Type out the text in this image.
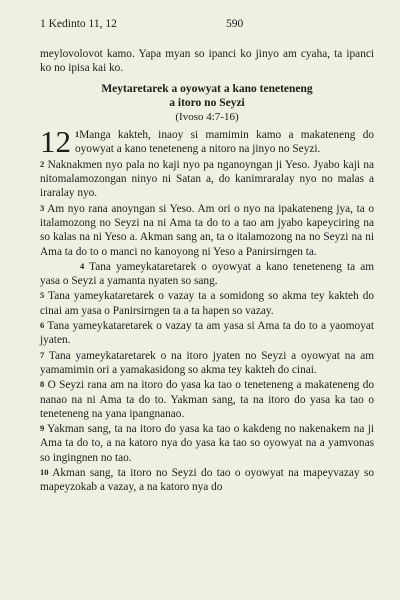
1 Kedinto 11, 12	590

meylovolovot kamo. Yapa myan so ipanci ko jinyo am cyaha, ta ipanci ko no ipisa kai ko.

Meytaretarek a oyowyat a kano teneteneng
a itoro no Seyzi
(Ivoso 4:7-16)

12 1Manga kakteh, inaoy si mamimin kamo a makateneng do oyowyat a kano teneteneng a nitoro na jinyo no Seyzi.

2 Naknakmen nyo pala no kaji nyo pa nganoyngan ji Yeso. Jyabo kaji na nitomalamozongan ninyo ni Satan a, do kanimraralay nyo no malas a iraralay nyo.

3 Am nyo rana anoyngan si Yeso. Am ori o nyo na ipakateneng jya, ta o italamozong no Seyzi na ni Ama ta do to a tao am jyabo kapeyciring na so kalas na ni Yeso a. Akman sang an, ta o italamozong na no Seyzi na ni Ama ta do to o manci no kanoyong ni Yeso a Panirsirngen ta.

4 Tana yameykataretarek o oyowyat a kano teneteneng ta am yasa o Seyzi a yamanta nyaten so sang.

5 Tana yameykataretarek o vazay ta a somidong so akma tey kakteh do cinai am yasa o Panirsirngen ta a ta hapen so vazay.

6 Tana yameykataretarek o vazay ta am yasa si Ama ta do to a yaomoyat jyaten.

7 Tana yameykataretarek o na itoro jyaten no Seyzi a oyowyat na am yamamimin ori a yamakasidong so akma tey kakteh do cinai.

8 O Seyzi rana am na itoro do yasa ka tao o teneteneng a makateneng do nanao na ni Ama ta do to. Yakman sang, ta na itoro do yasa ka tao o teneteneng na yana ipangnanao.

9 Yakman sang, ta na itoro do yasa ka tao o kakdeng no nakenakem na ji Ama ta do to, a na katoro nya do yasa ka tao so oyowyat na a yamvonas so ingingnen no tao.

10 Akman sang, ta itoro no Seyzi do tao o oyowyat na mapeyvazay so mapeyzokab a vazay, a na katoro nya do
